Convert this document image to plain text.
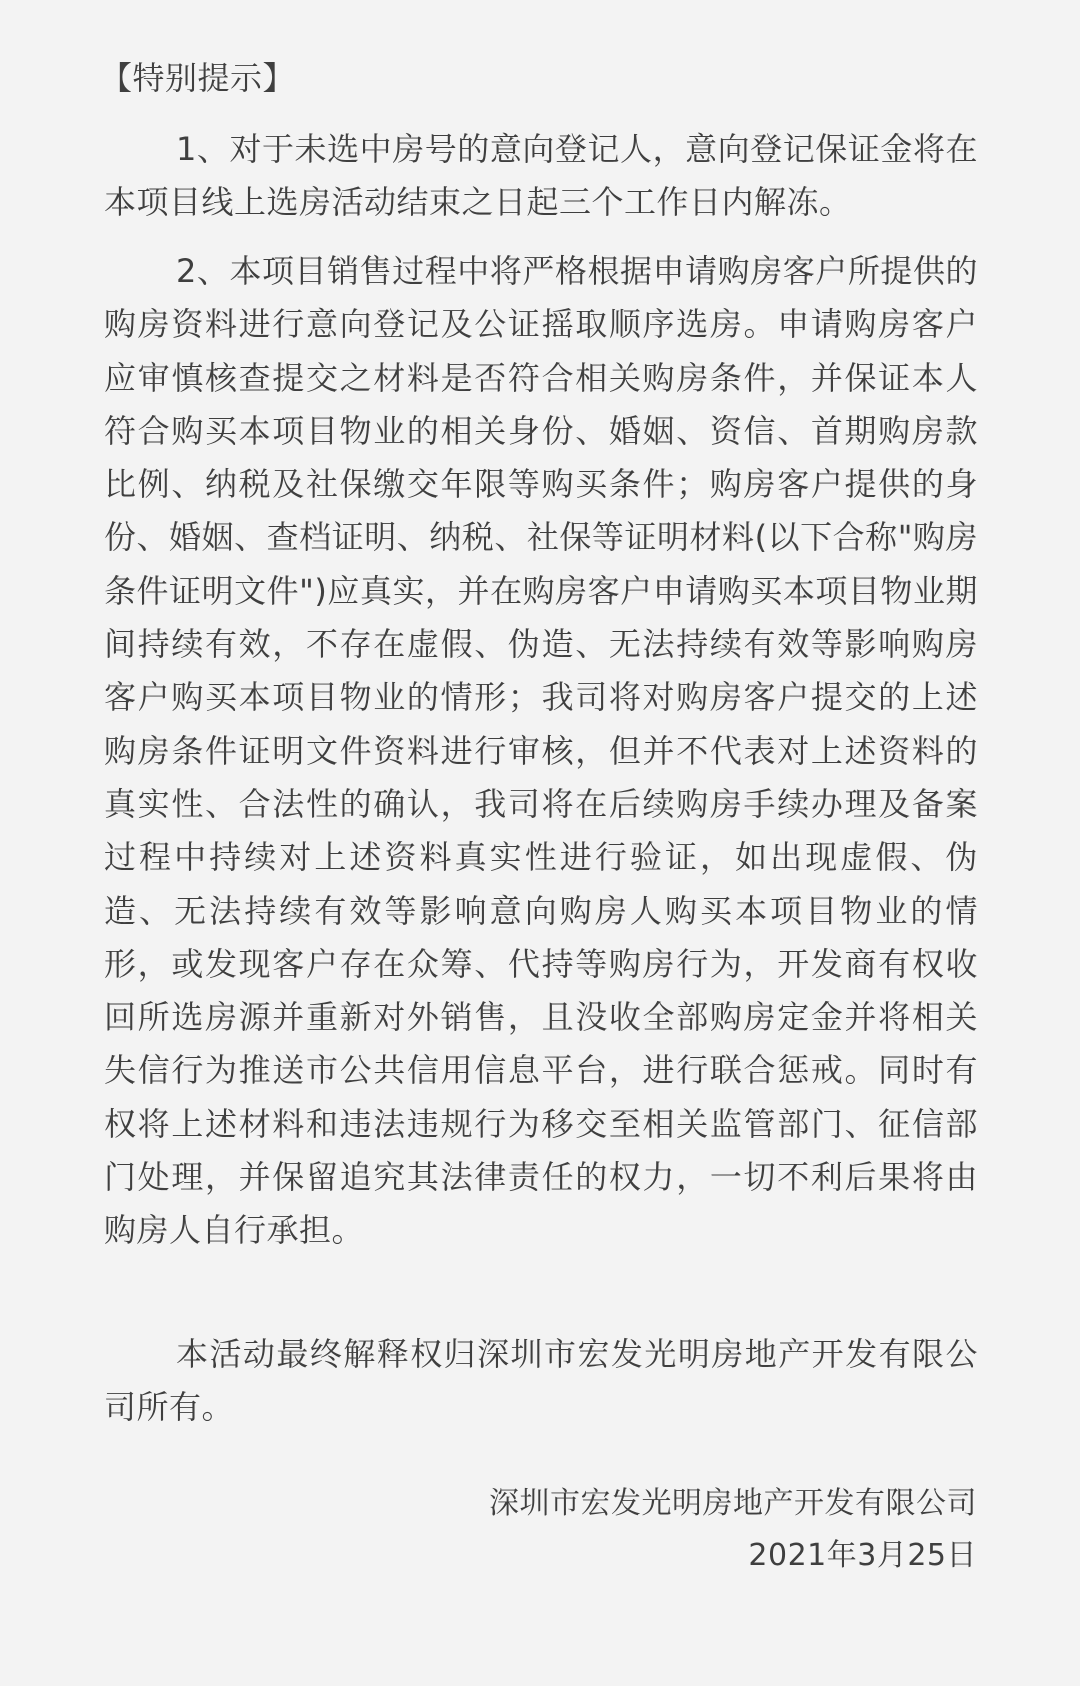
【特别提示】

1、对于未选中房号的意向登记人，意向登记保证金将在本项目线上选房活动结束之日起三个工作日内解冻。

2、本项目销售过程中将严格根据申请购房客户所提供的购房资料进行意向登记及公证摇取顺序选房。申请购房客户应审慎核查提交之材料是否符合相关购房条件，并保证本人符合购买本项目物业的相关身份、婚姻、资信、首期购房款比例、纳税及社保缴交年限等购买条件；购房客户提供的身份、婚姻、查档证明、纳税、社保等证明材料(以下合称"购房条件证明文件")应真实，并在购房客户申请购买本项目物业期间持续有效，不存在虚假、伪造、无法持续有效等影响购房客户购买本项目物业的情形；我司将对购房客户提交的上述购房条件证明文件资料进行审核，但并不代表对上述资料的真实性、合法性的确认，我司将在后续购房手续办理及备案过程中持续对上述资料真实性进行验证，如出现虚假、伪造、无法持续有效等影响意向购房人购买本项目物业的情形，或发现客户存在众筹、代持等购房行为，开发商有权收回所选房源并重新对外销售，且没收全部购房定金并将相关失信行为推送市公共信用信息平台，进行联合惩戒。同时有权将上述材料和违法违规行为移交至相关监管部门、征信部门处理，并保留追究其法律责任的权力，一切不利后果将由购房人自行承担。

本活动最终解释权归深圳市宏发光明房地产开发有限公司所有。

深圳市宏发光明房地产开发有限公司
2021年3月25日
